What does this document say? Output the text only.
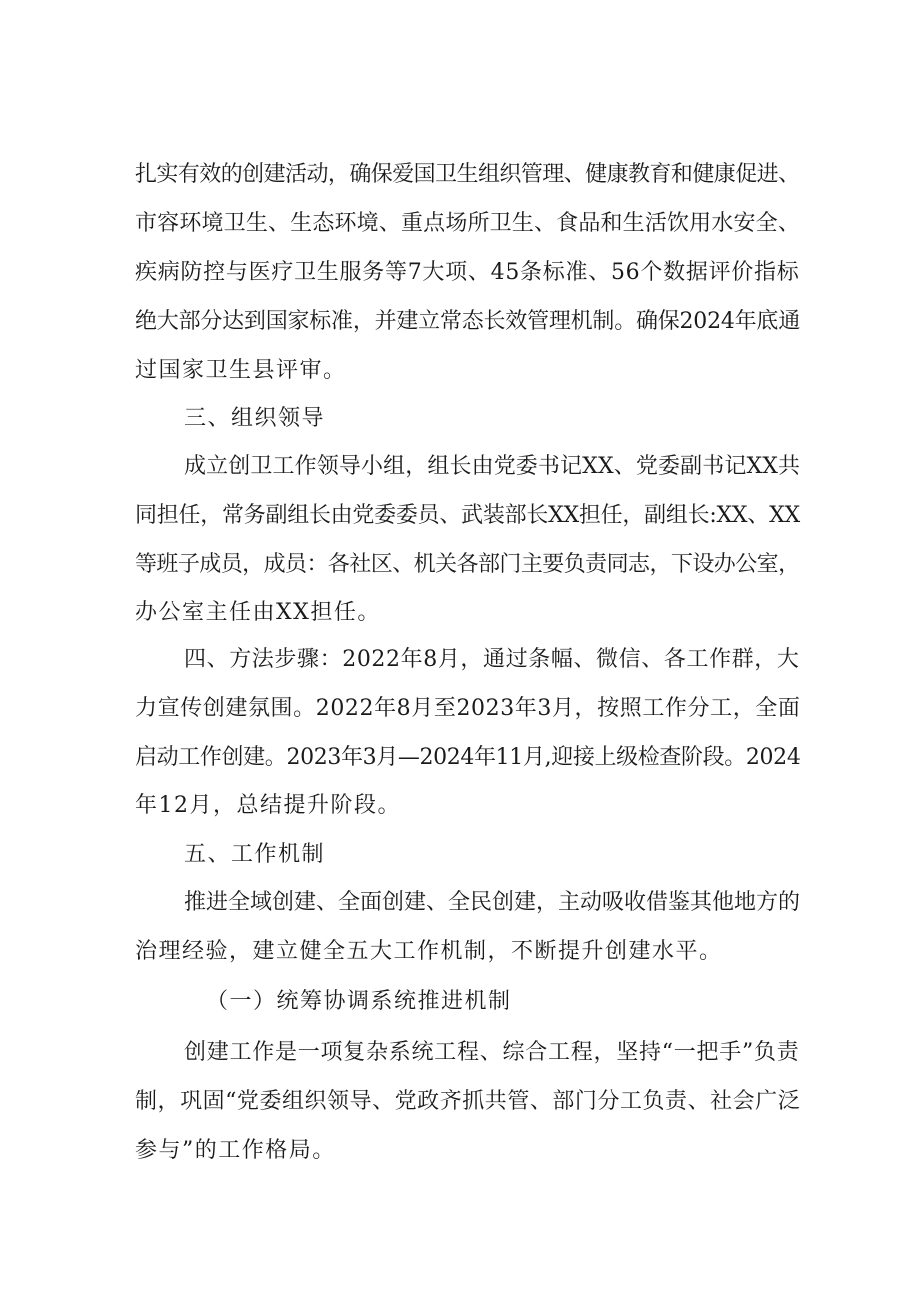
扎实有效的创建活动，确保爱国卫生组织管理、健康教育和健康促进、
市容环境卫生、生态环境、重点场所卫生、食品和生活饮用水安全、
疾病防控与医疗卫生服务等7大项、45条标准、56个数据评价指标
绝大部分达到国家标准，并建立常态长效管理机制。确保2024年底通
过国家卫生县评审。
三、组织领导
成立创卫工作领导小组，组长由党委书记XX、党委副书记XX共
同担任，常务副组长由党委委员、武装部长XX担任，副组长:XX、XX
等班子成员，成员：各社区、机关各部门主要负责同志，下设办公室，
办公室主任由XX担任。
四、方法步骤：2022年8月，通过条幅、微信、各工作群，大
力宣传创建氛围。2022年8月至2023年3月，按照工作分工，全面
启动工作创建。2023年3月—2024年11月,迎接上级检查阶段。2024
年12月，总结提升阶段。
五、工作机制
推进全域创建、全面创建、全民创建，主动吸收借鉴其他地方的
治理经验，建立健全五大工作机制，不断提升创建水平。
（一）统筹协调系统推进机制
创建工作是一项复杂系统工程、综合工程，坚持“一把手”负责
制，巩固“党委组织领导、党政齐抓共管、部门分工负责、社会广泛
参与”的工作格局。
